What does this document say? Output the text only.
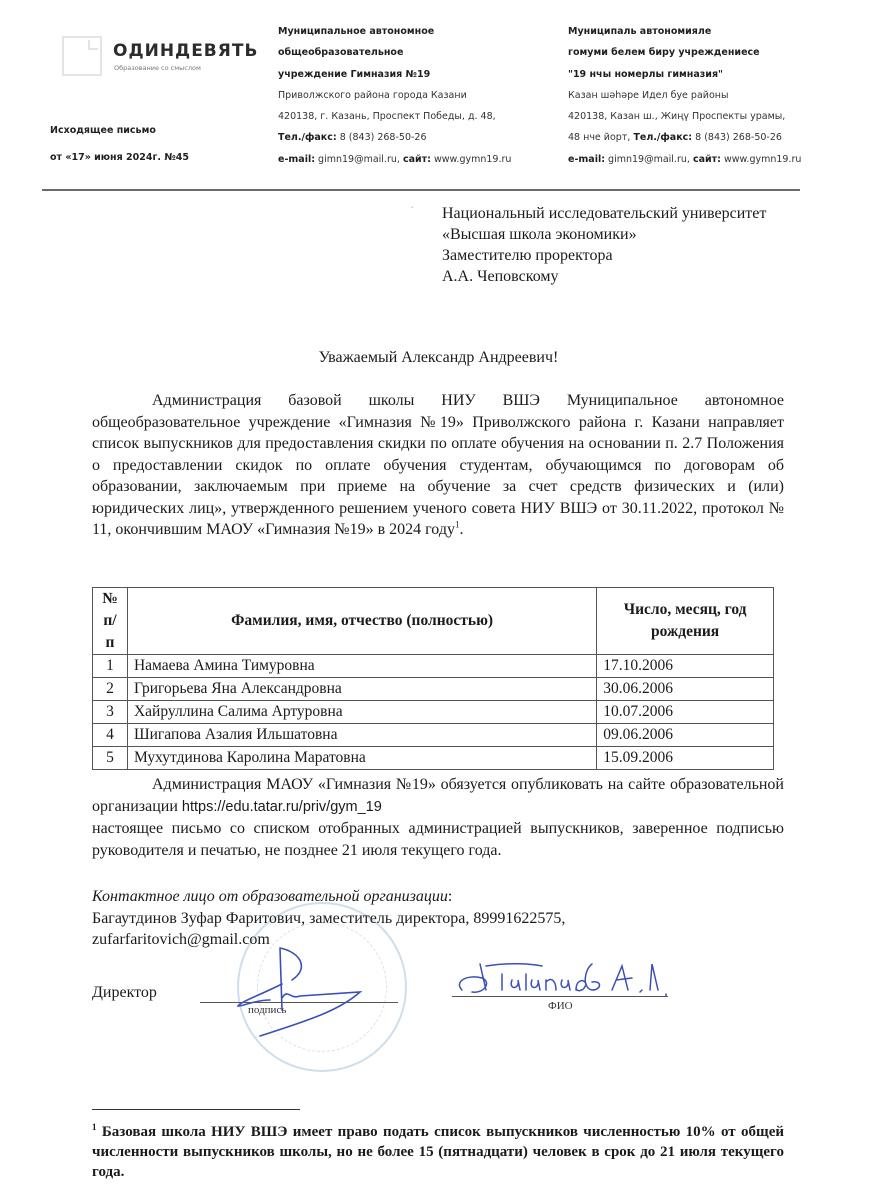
ОДИНДЕВЯТЬ
Образование со смыслом
Исходящее письмо
от «17» июня 2024г. №45
Муниципальное автономное
общеобразовательное
учреждение Гимназия №19
Приволжского района города Казани
420138, г. Казань, Проспект Победы, д. 48,
Тел./факс: 8 (843) 268-50-26
e-mail: gimn19@mail.ru, сайт: www.gymn19.ru
Муниципаль автономияле
гомуми белем биру учреждениесе
"19 нчы номерлы гимназия"
Казан шәһәре Идел буе районы
420138, Казан ш., Жиңү Проспекты урамы,
48 нче йорт, Тел./факс: 8 (843) 268-50-26
e-mail: gimn19@mail.ru, сайт: www.gymn19.ru
‘ Национальный исследовательский университет
«Высшая школа экономики»
Заместителю проректора
А.А. Чеповскому
Уважаемый Александр Андреевич!

Администрация базовой школы НИУ ВШЭ Муниципальное автономное общеобразовательное учреждение «Гимназия №19» Приволжского района г. Казани направляет список выпускников для предоставления скидки по оплате обучения на основании п. 2.7 Положения о предоставлении скидок по оплате обучения студентам, обучающимся по договорам об образовании, заключаемым при приеме на обучение за счет средств физических и (или) юридических лиц», утвержденного решением ученого совета НИУ ВШЭ от 30.11.2022, протокол № 11, окончившим МАОУ «Гимназия №19» в 2024 году$^1$.

№ п/п	Фамилия, имя, отчество (полностью)	Число, месяц, год рождения
1	Намаева Амина Тимуровна	17.10.2006
2	Григорьева Яна Александровна	30.06.2006
3	Хайруллина Салима Артуровна	10.07.2006
4	Шигапова Азалия Ильшатовна	09.06.2006
5	Мухутдинова Каролина Маратовна	15.09.2006

Администрация МАОУ «Гимназия №19» обязуется опубликовать на сайте образовательной организации https://edu.tatar.ru/priv/gym_19

настоящее письмо со списком отобранных администрацией выпускников, заверенное подписью руководителя и печатью, не позднее 21 июля текущего года.

Контактное лицо от образовательной организации:
Багаутдинов Зуфар Фаритович, заместитель директора, 89991622575,
zufarfaritovich@gmail.com
Директор
подпись	ФИО
$^1$ Базовая школа НИУ ВШЭ имеет право подать список выпускников численностью 10% от общей численности выпускников школы, но не более 15 (пятнадцати) человек в срок до 21 июля текущего года.
